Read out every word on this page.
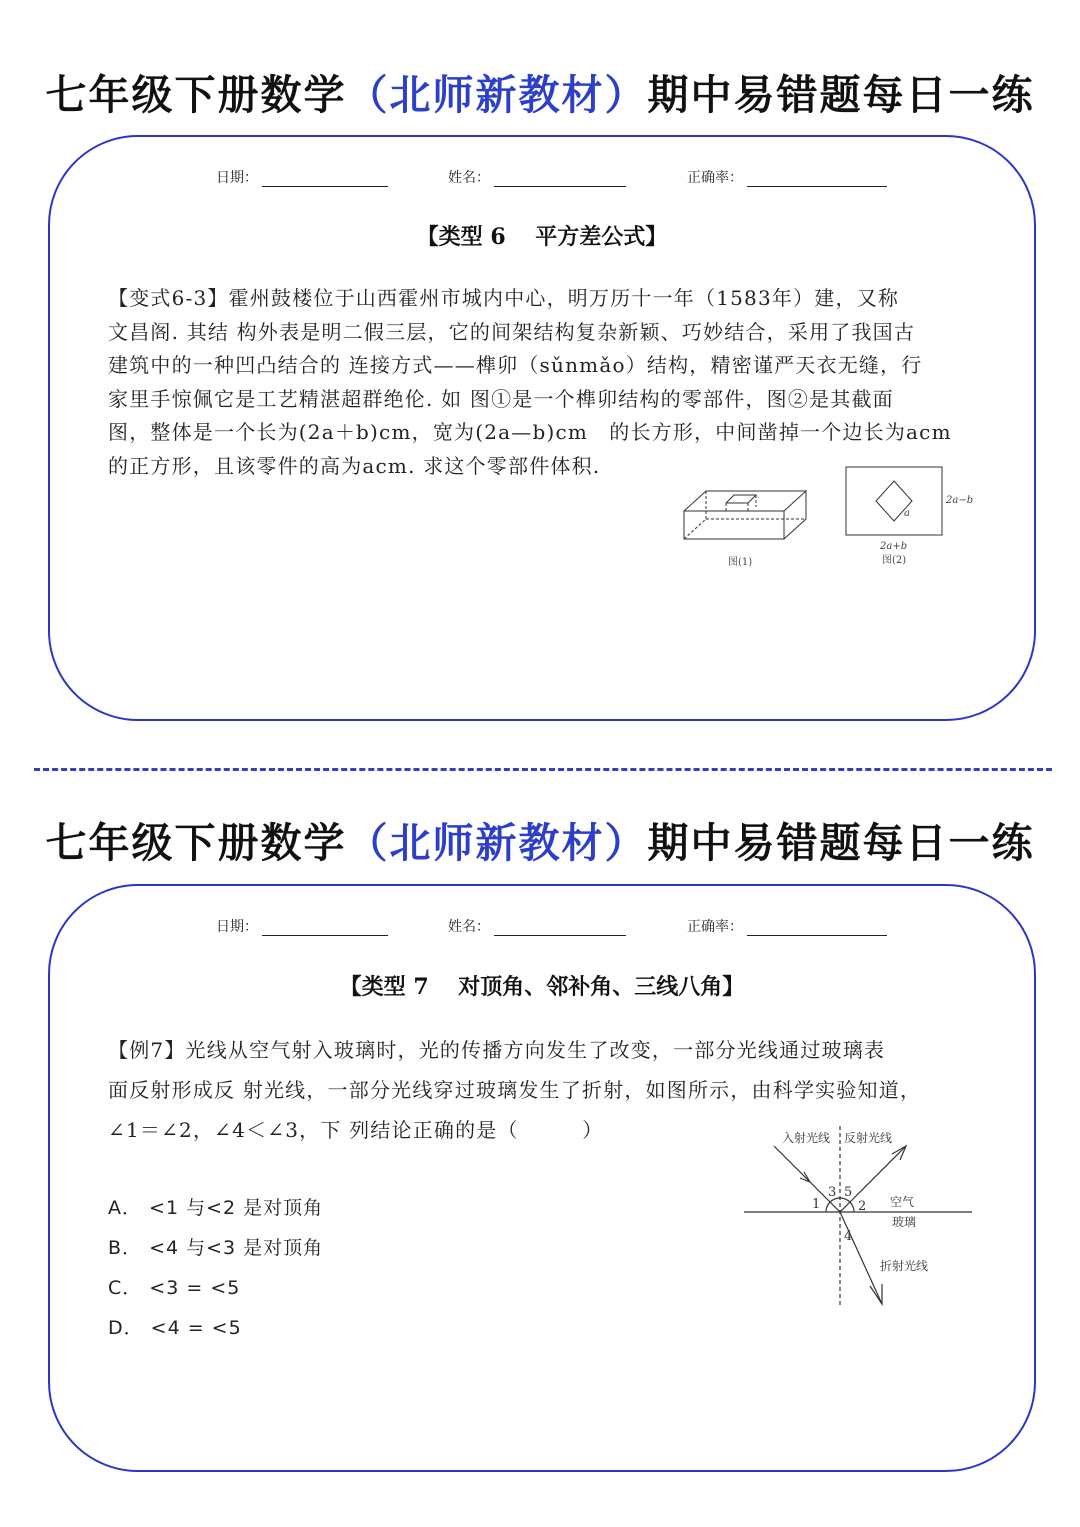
七年级下册数学（北师新教材）期中易错题每日一练
日期：	姓名：	正确率：
【类型 6　 平方差公式】
【变式6-3】霍州鼓楼位于山西霍州市城内中心，明万历十一年（1583年）建，又称
文昌阁. 其结 构外表是明二假三层，它的间架结构复杂新颖、巧妙结合，采用了我国古
建筑中的一种凹凸结合的 连接方式——榫卯（sǔnmǎo）结构，精密谨严天衣无缝，行
家里手惊佩它是工艺精湛超群绝伦. 如 图①是一个榫卯结构的零部件，图②是其截面
图，整体是一个长为(2a＋b)cm，宽为(2a—b)cm　的长方形，中间凿掉一个边长为acm
的正方形，且该零件的高为acm. 求这个零部件体积.
图(1)
a
2a−b
2a+b
图(2)
七年级下册数学（北师新教材）期中易错题每日一练
日期：	姓名：	正确率：
【类型 7　 对顶角、邻补角、三线八角】
【例7】光线从空气射入玻璃时，光的传播方向发生了改变，一部分光线通过玻璃表
面反射形成反 射光线，一部分光线穿过玻璃发生了折射，如图所示，由科学实验知道，
∠1＝∠2，∠4＜∠3，下 列结论正确的是（　　　）
A． <1 与<2 是对顶角
B． <4 与<3 是对顶角
C． <3 = <5
D． <4 = <5
入射光线 反射光线
空气
玻璃
折射光线
1	2
3 5
4
